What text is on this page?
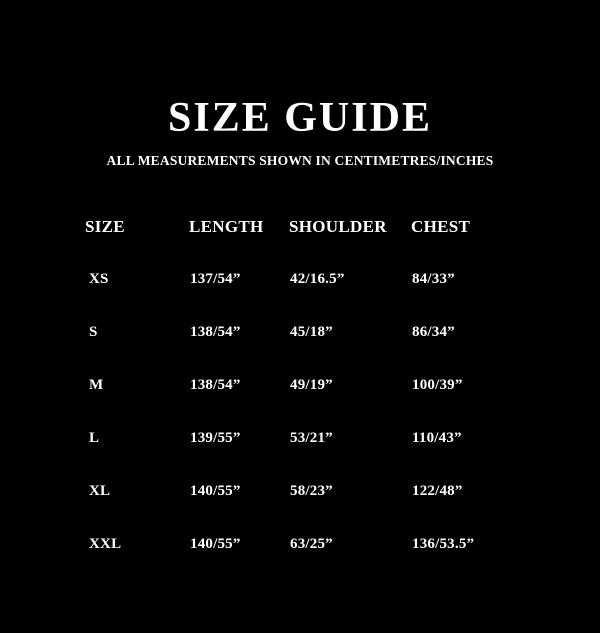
SIZE GUIDE

ALL MEASUREMENTS SHOWN IN CENTIMETRES/INCHES

SIZE	LENGTH	SHOULDER	CHEST
XS	137/54”	42/16.5”	84/33”
S	138/54”	45/18”	86/34”
M	138/54”	49/19”	100/39”
L	139/55”	53/21”	110/43”
XL	140/55”	58/23”	122/48”
XXL	140/55”	63/25”	136/53.5”
